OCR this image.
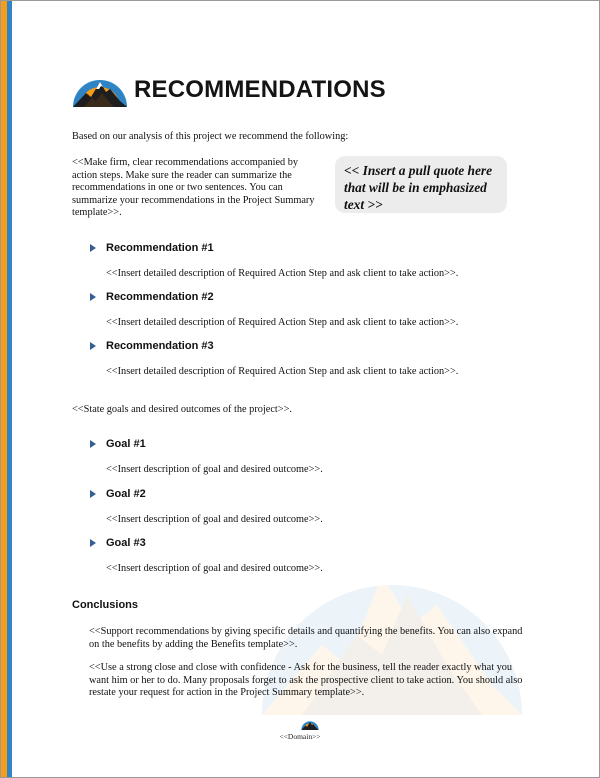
RECOMMENDATIONS
Based on our analysis of this project we recommend the following:
<<Make firm, clear recommendations accompanied by action steps. Make sure the reader can summarize the recommendations in one or two sentences. You can summarize your recommendations in the Project Summary template>>.
<< Insert a pull quote here that will be in emphasized text >>
Recommendation #1
<<Insert detailed description of Required Action Step and ask client to take action>>.
Recommendation #2
<<Insert detailed description of Required Action Step and ask client to take action>>.
Recommendation #3
<<Insert detailed description of Required Action Step and ask client to take action>>.
<<State goals and desired outcomes of the project>>.
Goal #1
<<Insert description of goal and desired outcome>>.
Goal #2
<<Insert description of goal and desired outcome>>.
Goal #3
<<Insert description of goal and desired outcome>>.
Conclusions
<<Support recommendations by giving specific details and quantifying the benefits. You can also expand on the benefits by adding the Benefits template>>.
<<Use a strong close and close with confidence - Ask for the business, tell the reader exactly what you want him or her to do. Many proposals forget to ask the prospective client to take action. You should also restate your request for action in the Project Summary template>>.
<<Domain>>
